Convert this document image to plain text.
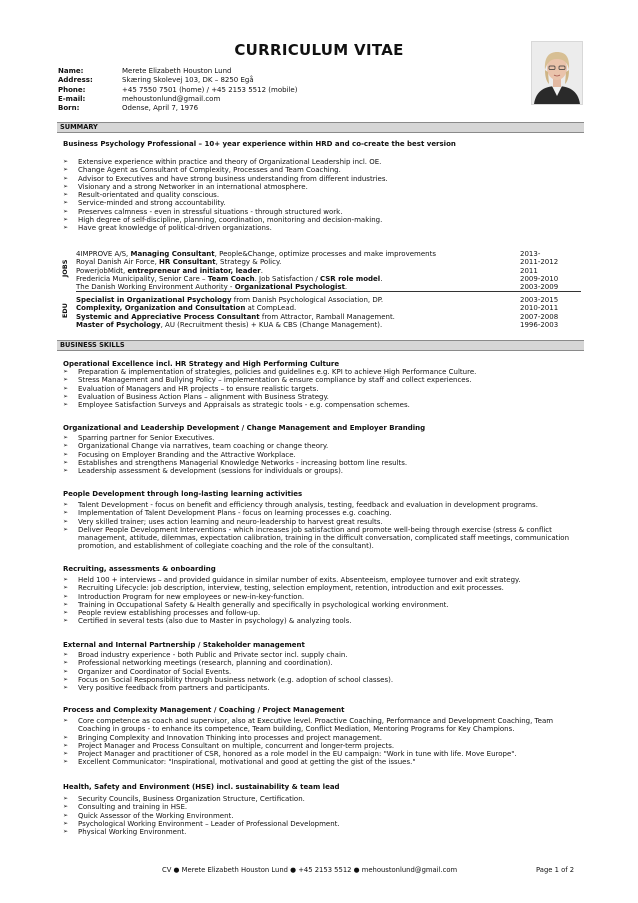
CURRICULUM VITAE
Name:	Merete Elizabeth Houston Lund
Address:	Skæring Skolevej 103, DK – 8250 Egå
Phone:	+45 7550 7501 (home) / +45 2153 5512 (mobile)
E-mail:	mehoustonlund@gmail.com
Born:	Odense, April 7, 1976
SUMMARY
Business Psychology Professional – 10+ year experience within HRD and co-create the best version
➢ Extensive experience within practice and theory of Organizational Leadership incl. OE.
➢ Change Agent as Consultant of Complexity, Processes and Team Coaching.
➢ Advisor to Executives and have strong business understanding from different industries.
➢ Visionary and a strong Networker in an international atmosphere.
➢ Result-orientated and quality conscious.
➢ Service-minded and strong accountability.
➢ Preserves calmness - even in stressful situations - through structured work.
➢ High degree of self-discipline, planning, coordination, monitoring and decision-making.
➢ Have great knowledge of political-driven organizations.
JOBS
4IMPROVE A/S, Managing Consultant, People&Change, optimize processes and make improvements	2013-
Royal Danish Air Force, HR Consultant, Strategy & Policy.	2011-2012
PowerjobMidt, entrepreneur and initiator, leader.	2011
Fredericia Municipality, Senior Care – Team Coach. Job Satisfaction / CSR role model.	2009-2010
The Danish Working Environment Authority - Organizational Psychologist.	2003-2009
EDU
Specialist in Organizational Psychology from Danish Psychological Association, DP.	2003-2015
Complexity, Organization and Consultation at CompLead.	2010-2011
Systemic and Appreciative Process Consultant from Attractor, Ramball Management.	2007-2008
Master of Psychology, AU (Recruitment thesis) + KUA & CBS (Change Management).	1996-2003
BUSINESS SKILLS
Operational Excellence incl. HR Strategy and High Performing Culture
➢ Preparation & implementation of strategies, policies and guidelines e.g. KPI to achieve High Performance Culture.
➢ Stress Management and Bullying Policy – implementation & ensure compliance by staff and collect experiences.
➢ Evaluation of Managers and HR projects – to ensure realistic targets.
➢ Evaluation of Business Action Plans – alignment with Business Strategy.
➢ Employee Satisfaction Surveys and Appraisals as strategic tools - e.g. compensation schemes.
Organizational and Leadership Development / Change Management and Employer Branding
➢ Sparring partner for Senior Executives.
➢ Organizational Change via narratives, team coaching or change theory.
➢ Focusing on Employer Branding and the Attractive Workplace.
➢ Establishes and strengthens Managerial Knowledge Networks - increasing bottom line results.
➢ Leadership assessment & development (sessions for individuals or groups).
People Development through long-lasting learning activities
➢ Talent Development - focus on benefit and efficiency through analysis, testing, feedback and evaluation in development programs.
➢ Implementation of Talent Development Plans - focus on learning processes e.g. coaching.
➢ Very skilled trainer; uses action learning and neuro-leadership to harvest great results.
➢ Deliver People Development Interventions - which increases job satisfaction and promote well-being through exercise (stress & conflict management, attitude, dilemmas, expectation calibration, training in the difficult conversation, complicated staff meetings, communication promotion, and establishment of collegiate coaching and the role of the consultant).
Recruiting, assessments & onboarding
➢ Held 100 + interviews – and provided guidance in similar number of exits. Absenteeism, employee turnover and exit strategy.
➢ Recruiting Lifecycle: job description, interview, testing, selection employment, retention, introduction and exit processes.
➢ Introduction Program for new employees or new-in-key-function.
➢ Training in Occupational Safety & Health generally and specifically in psychological working environment.
➢ People review establishing processes and follow-up.
➢ Certified in several tests (also due to Master in psychology) & analyzing tools.
External and Internal Partnership / Stakeholder management
➢ Broad industry experience - both Public and Private sector incl. supply chain.
➢ Professional networking meetings (research, planning and coordination).
➢ Organizer and Coordinator of Social Events.
➢ Focus on Social Responsibility through business network (e.g. adoption of school classes).
➢ Very positive feedback from partners and participants.
Process and Complexity Management / Coaching / Project Management
➢ Core competence as coach and supervisor, also at Executive level. Proactive Coaching, Performance and Development Coaching, Team Coaching in groups - to enhance its competence, Team building, Conflict Mediation, Mentoring Programs for Key Champions.
➢ Bringing Complexity and Innovation Thinking into processes and project management.
➢ Project Manager and Process Consultant on multiple, concurrent and longer-term projects.
➢ Project Manager and practitioner of CSR, honored as a role model in the EU campaign: "Work in tune with life. Move Europe".
➢ Excellent Communicator: "Inspirational, motivational and good at getting the gist of the issues."
Health, Safety and Environment (HSE) incl. sustainability & team lead
➢ Security Councils, Business Organization Structure, Certification.
➢ Consulting and training in HSE.
➢ Quick Assessor of the Working Environment.
➢ Psychological Working Environment – Leader of Professional Development.
➢ Physical Working Environment.
CV ● Merete Elizabeth Houston Lund ● +45 2153 5512 ● mehoustonlund@gmail.com	Page 1 of 2
